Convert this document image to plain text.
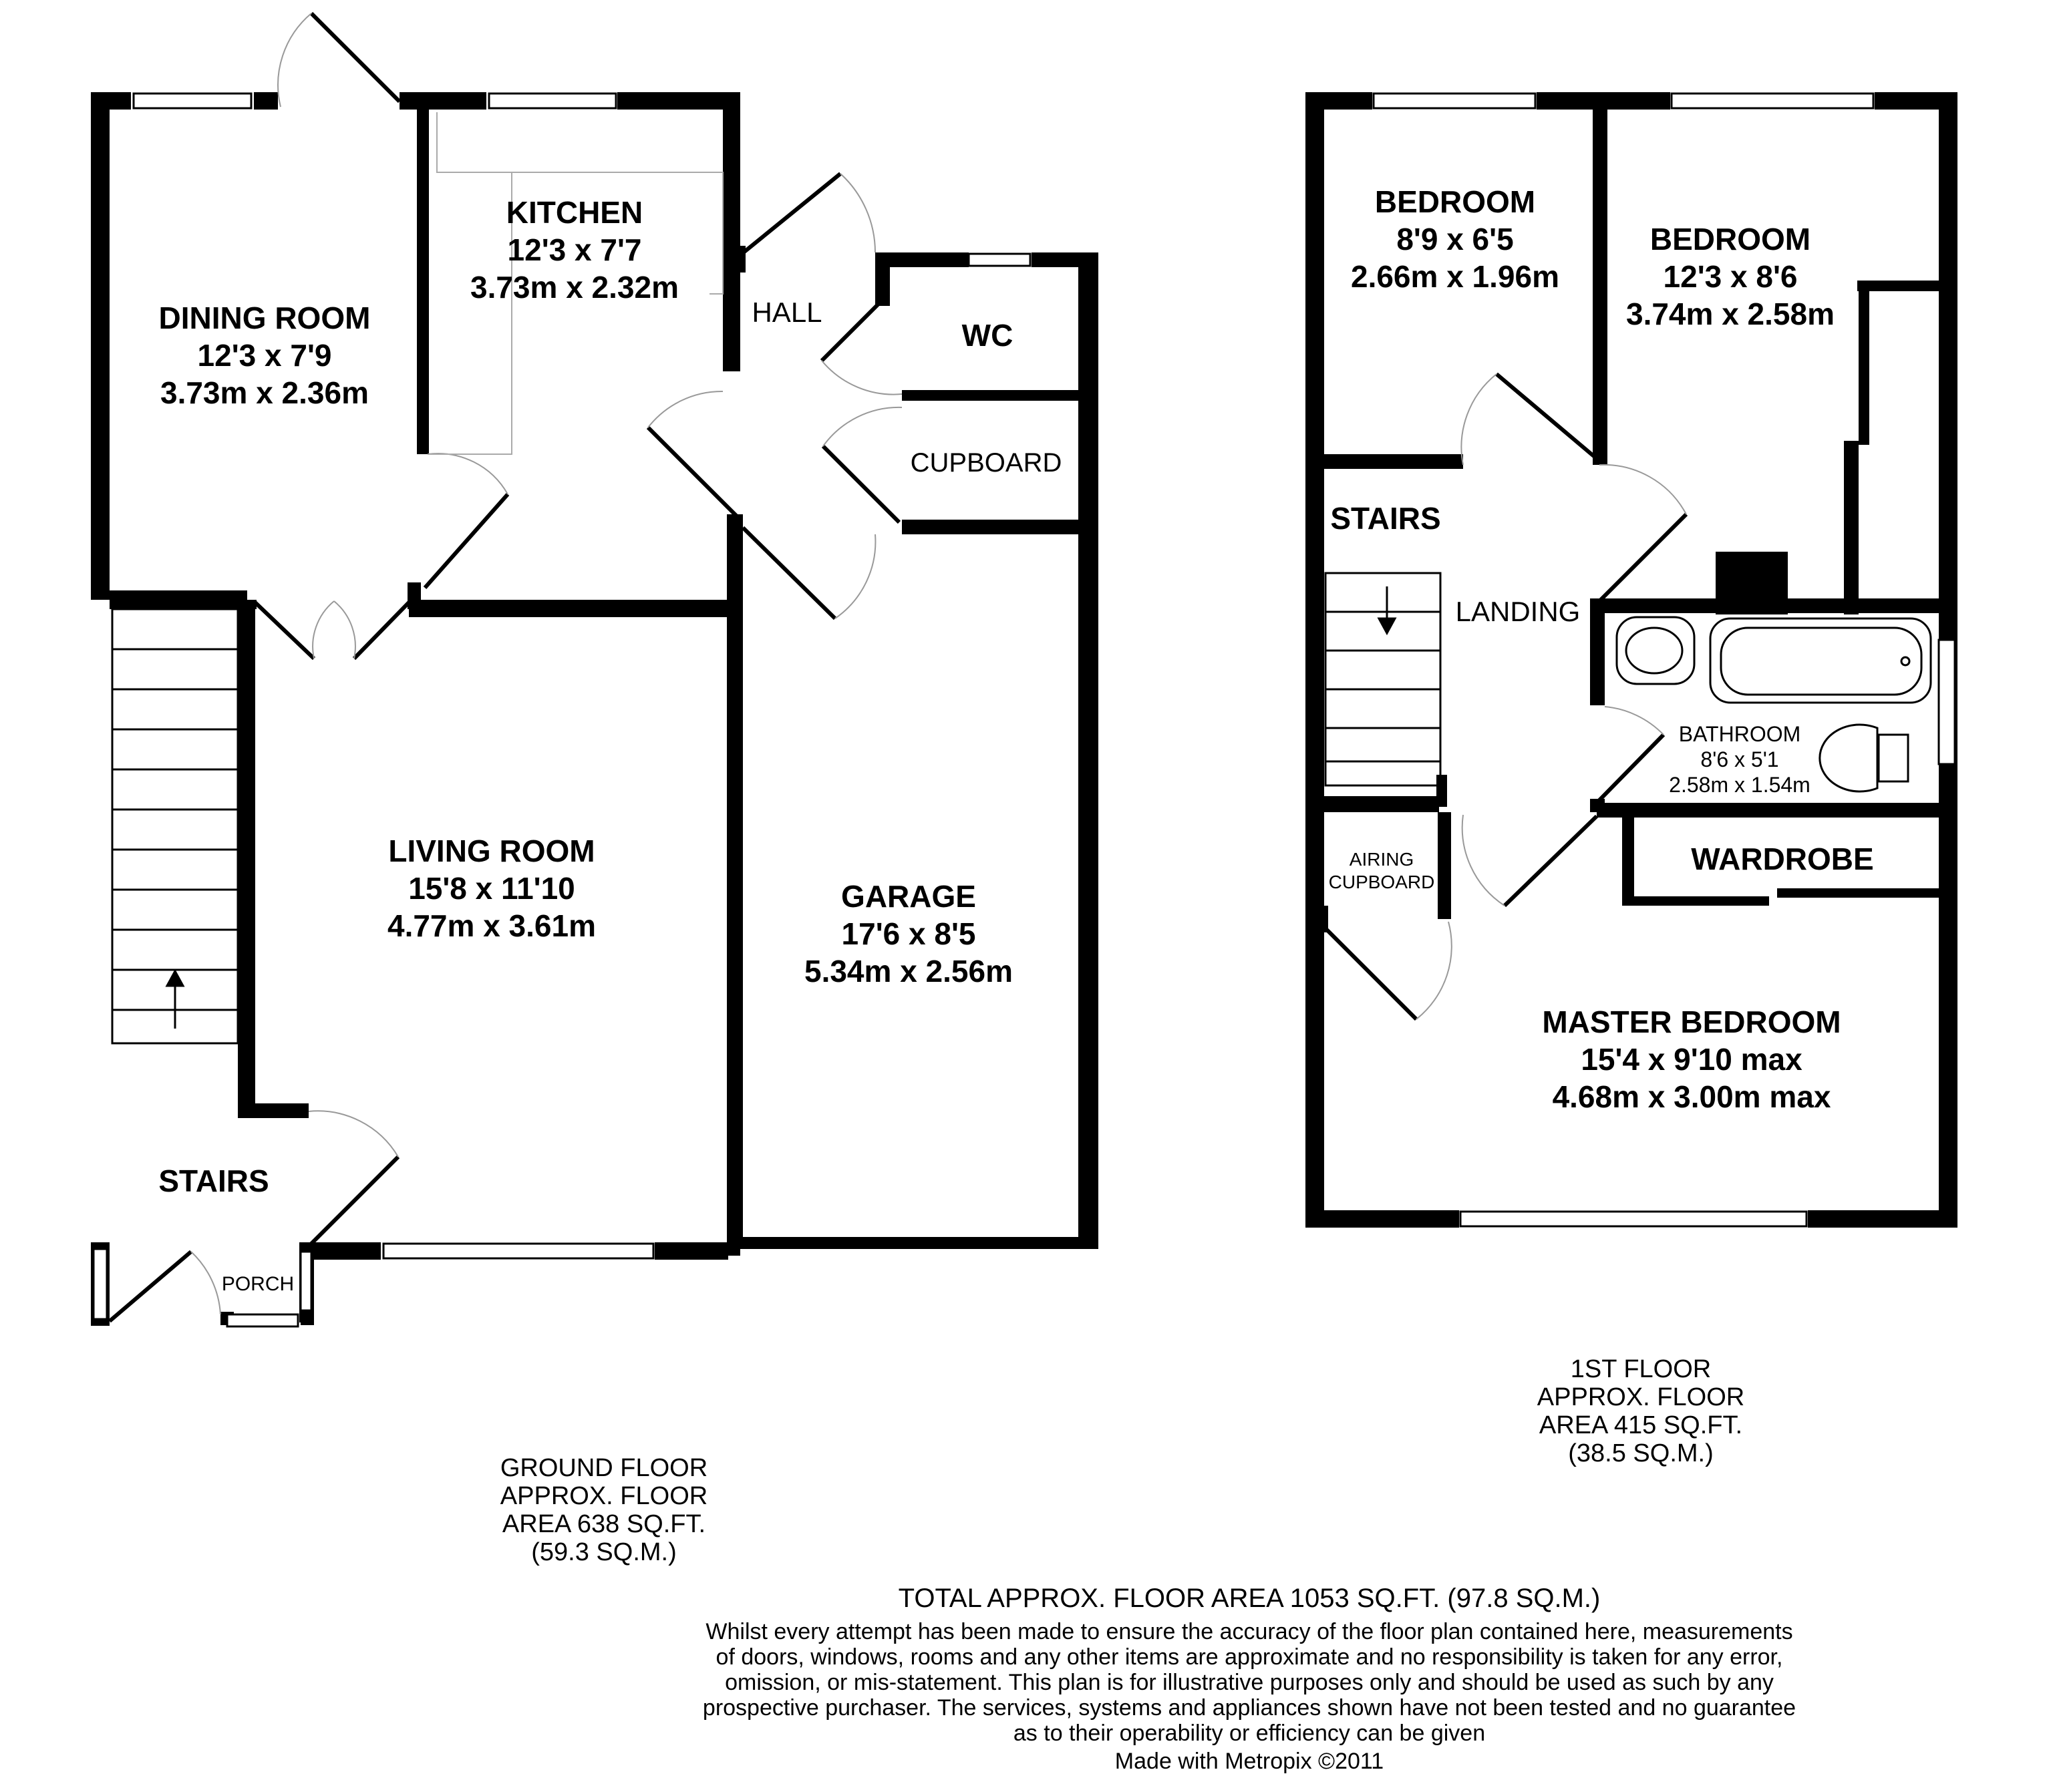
DINING ROOM
12'3 x 7'9
3.73m x 2.36m
KITCHEN
12'3 x 7'7
3.73m x 2.32m
HALL
WC
CUPBOARD
LIVING ROOM
15'8 x 11'10
4.77m x 3.61m
GARAGE
17'6 x 8'5
5.34m x 2.56m
STAIRS
PORCH
BEDROOM
8'9 x 6'5
2.66m x 1.96m
BEDROOM
12'3 x 8'6
3.74m x 2.58m
STAIRS
LANDING
BATHROOM
8'6 x 5'1
2.58m x 1.54m
AIRING
CUPBOARD
WARDROBE
MASTER BEDROOM
15'4 x 9'10 max
4.68m x 3.00m max
1ST FLOOR
APPROX. FLOOR
AREA 415 SQ.FT.
(38.5 SQ.M.)
GROUND FLOOR
APPROX. FLOOR
AREA 638 SQ.FT.
(59.3 SQ.M.)
TOTAL APPROX. FLOOR AREA 1053 SQ.FT. (97.8 SQ.M.)
Whilst every attempt has been made to ensure the accuracy of the floor plan contained here, measurements
of doors, windows, rooms and any other items are approximate and no responsibility is taken for any error,
omission, or mis-statement. This plan is for illustrative purposes only and should be used as such by any
prospective purchaser. The services, systems and appliances shown have not been tested and no guarantee
as to their operability or efficiency can be given
Made with Metropix ©2011
